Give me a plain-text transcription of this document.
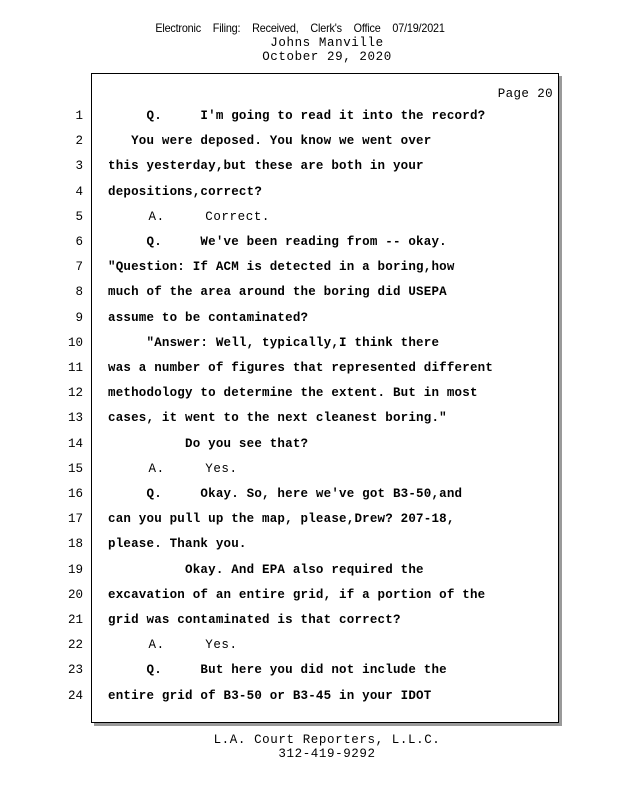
Electronic Filing: Received, Clerk's Office 07/19/2021
Johns Manville
October 29, 2020
Page 20
1 Q.     I'm going to read it into the record?
2 You were deposed. You know we went over
3 this yesterday,but these are both in your
4 depositions,correct?
5 A.     Correct.
6 Q.     We've been reading from -- okay.
7 "Question: If ACM is detected in a boring,how
8 much of the area around the boring did USEPA
9 assume to be contaminated?
10 "Answer: Well, typically,I think there
11 was a number of figures that represented different
12 methodology to determine the extent. But in most
13 cases, it went to the next cleanest boring."
14 Do you see that?
15 A.     Yes.
16 Q.     Okay. So, here we've got B3-50,and
17 can you pull up the map, please,Drew? 207-18,
18 please. Thank you.
19 Okay. And EPA also required the
20 excavation of an entire grid, if a portion of the
21 grid was contaminated is that correct?
22 A.     Yes.
23 Q.     But here you did not include the
24 entire grid of B3-50 or B3-45 in your IDOT
L.A. Court Reporters, L.L.C.
312-419-9292
